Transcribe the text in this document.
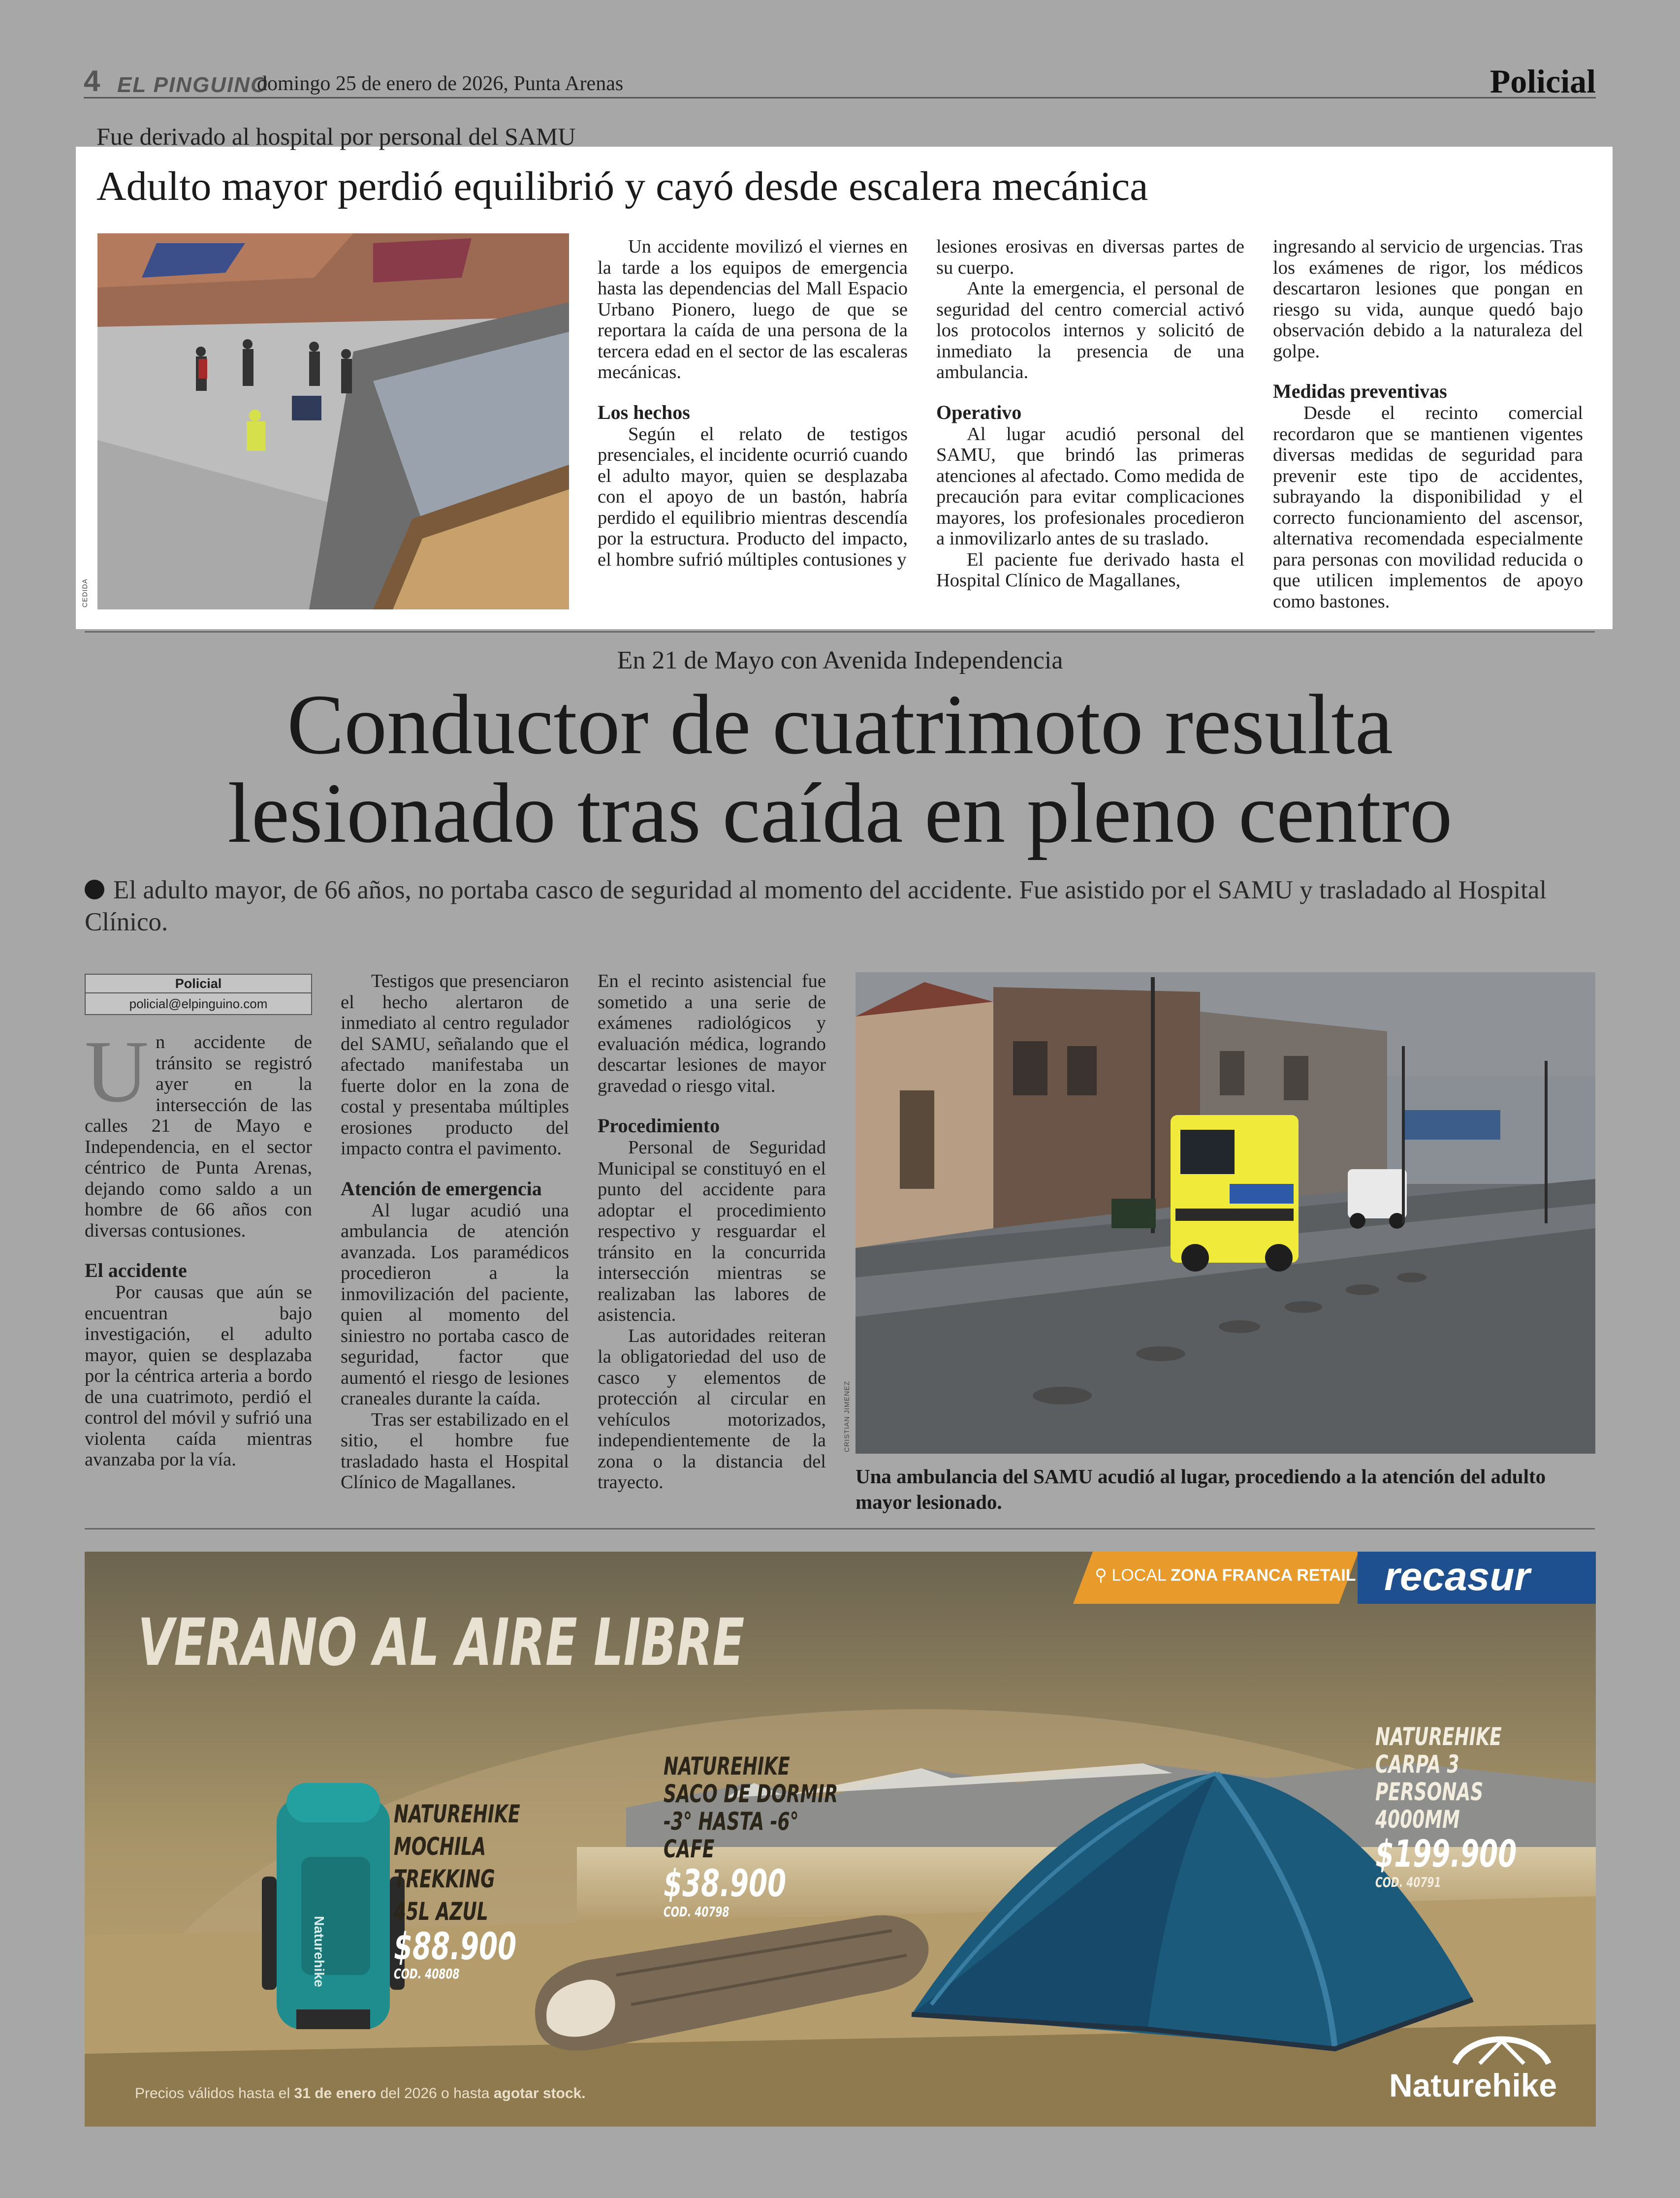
4 EL PINGUINO
domingo 25 de enero de 2026, Punta Arenas	Policial
Fue derivado al hospital por personal del SAMU
Adulto mayor perdió equilibrió y cayó desde escalera mecánica
CEDIDA

Un accidente movilizó el viernes en la tarde a los equipos de emergencia hasta las dependencias del Mall Espacio Urbano Pionero, luego de que se reportara la caída de una persona de la tercera edad en el sector de las escaleras mecánicas.

Los hechos

Según el relato de testigos presenciales, el incidente ocurrió cuando el adulto mayor, quien se desplazaba con el apoyo de un bastón, habría perdido el equilibrio mientras descendía por la estructura. Producto del impacto, el hombre sufrió múltiples contusiones y

lesiones erosivas en diversas partes de su cuerpo.

Ante la emergencia, el personal de seguridad del centro comercial activó los protocolos internos y solicitó de inmediato la presencia de una ambulancia.

Operativo

Al lugar acudió personal del SAMU, que brindó las primeras atenciones al afectado. Como medida de precaución para evitar complicaciones mayores, los profesionales procedieron a inmovilizarlo antes de su traslado.

El paciente fue derivado hasta el Hospital Clínico de Magallanes,

ingresando al servicio de urgencias. Tras los exámenes de rigor, los médicos descartaron lesiones que pongan en riesgo su vida, aunque quedó bajo observación debido a la naturaleza del golpe.

Medidas preventivas

Desde el recinto comercial recordaron que se mantienen vigentes diversas medidas de seguridad para prevenir este tipo de accidentes, subrayando la disponibilidad y el correcto funcionamiento del ascensor, alternativa recomendada especialmente para personas con movilidad reducida o que utilicen implementos de apoyo como bastones.

En 21 de Mayo con Avenida Independencia
Conductor de cuatrimoto resulta
lesionado tras caída en pleno centro
El adulto mayor, de 66 años, no portaba casco de seguridad al momento del accidente. Fue asistido por el SAMU y trasladado al Hospital Clínico.
Policial
policial@elpinguino.com

Un accidente de tránsito se registró ayer en la intersección de las calles 21 de Mayo e Independencia, en el sector céntrico de Punta Arenas, dejando como saldo a un hombre de 66 años con diversas contusiones.

El accidente

Por causas que aún se encuentran bajo investigación, el adulto mayor, quien se desplazaba por la céntrica arteria a bordo de una cuatrimoto, perdió el control del móvil y sufrió una violenta caída mientras avanzaba por la vía.

Testigos que presenciaron el hecho alertaron de inmediato al centro regulador del SAMU, señalando que el afectado manifestaba un fuerte dolor en la zona de costal y presentaba múltiples erosiones producto del impacto contra el pavimento.

Atención de emergencia

Al lugar acudió una ambulancia de atención avanzada. Los paramédicos procedieron a la inmovilización del paciente, quien al momento del siniestro no portaba casco de seguridad, factor que aumentó el riesgo de lesiones craneales durante la caída.

Tras ser estabilizado en el sitio, el hombre fue trasladado hasta el Hospital Clínico de Magallanes.

En el recinto asistencial fue sometido a una serie de exámenes radiológicos y evaluación médica, logrando descartar lesiones de mayor gravedad o riesgo vital.

Procedimiento

Personal de Seguridad Municipal se constituyó en el punto del accidente para adoptar el procedimiento respectivo y resguardar el tránsito en la concurrida intersección mientras se realizaban las labores de asistencia.

Las autoridades reiteran la obligatoriedad del uso de casco y elementos de protección al circular en vehículos motorizados, independientemente de la zona o la distancia del trayecto.

CRISTIAN JIMENEZ
Una ambulancia del SAMU acudió al lugar, procediendo a la atención del adulto mayor lesionado.
⚲ LOCAL ZONA FRANCA RETAIL recasur
VERANO AL AIRE LIBRE
Naturehike
NATUREHIKE
MOCHILA
TREKKING
45L AZUL
$88.900
COD. 40808
NATUREHIKE
SACO DE DORMIR
-3° HASTA -6°
CAFE
$38.900
COD. 40798
NATUREHIKE
CARPA 3
PERSONAS
4000MM
$199.900
COD. 40791
Precios válidos hasta el 31 de enero del 2026 o hasta agotar stock.	Naturehike
